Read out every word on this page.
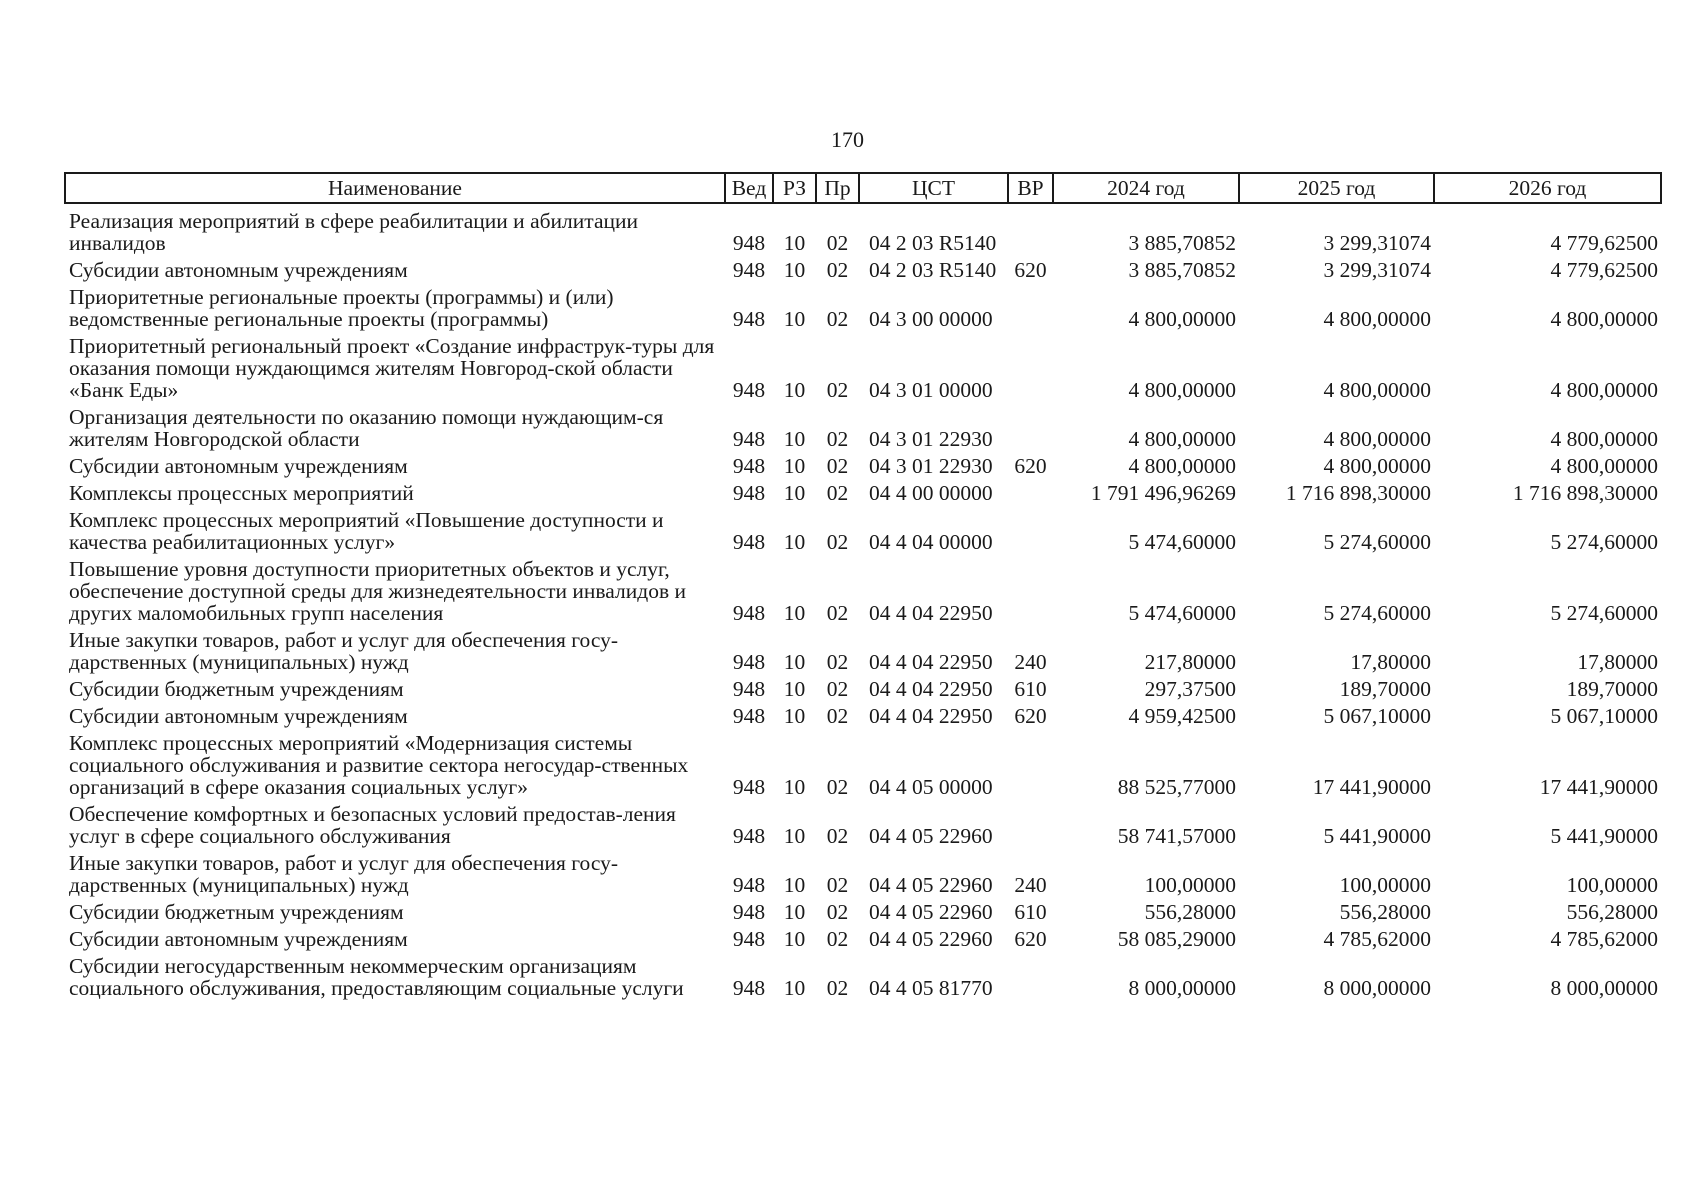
170
Наименование	Вед	РЗ	Пр	ЦСТ	ВР	2024 год	2025 год	2026 год
Реализация мероприятий в сфере реабилитации и абилитации инвалидов	948	10	02	04 2 03 R5140		3 885,70852	3 299,31074	4 779,62500
Субсидии автономным учреждениям	948	10	02	04 2 03 R5140	620	3 885,70852	3 299,31074	4 779,62500
Приоритетные региональные проекты (программы) и (или) ведомственные региональные проекты (программы)	948	10	02	04 3 00 00000		4 800,00000	4 800,00000	4 800,00000
Приоритетный региональный проект «Создание инфраструк-туры для оказания помощи нуждающимся жителям Новгород-ской области «Банк Еды»	948	10	02	04 3 01 00000		4 800,00000	4 800,00000	4 800,00000
Организация деятельности по оказанию помощи нуждающим-ся жителям Новгородской области	948	10	02	04 3 01 22930		4 800,00000	4 800,00000	4 800,00000
Субсидии автономным учреждениям	948	10	02	04 3 01 22930	620	4 800,00000	4 800,00000	4 800,00000
Комплексы процессных мероприятий	948	10	02	04 4 00 00000		1 791 496,96269	1 716 898,30000	1 716 898,30000
Комплекс процессных мероприятий «Повышение доступности и качества реабилитационных услуг»	948	10	02	04 4 04 00000		5 474,60000	5 274,60000	5 274,60000
Повышение уровня доступности приоритетных объектов и услуг, обеспечение доступной среды для жизнедеятельности инвалидов и других маломобильных групп населения	948	10	02	04 4 04 22950		5 474,60000	5 274,60000	5 274,60000
Иные закупки товаров, работ и услуг для обеспечения госу-дарственных (муниципальных) нужд	948	10	02	04 4 04 22950	240	217,80000	17,80000	17,80000
Субсидии бюджетным учреждениям	948	10	02	04 4 04 22950	610	297,37500	189,70000	189,70000
Субсидии автономным учреждениям	948	10	02	04 4 04 22950	620	4 959,42500	5 067,10000	5 067,10000
Комплекс процессных мероприятий «Модернизация системы социального обслуживания и развитие сектора негосудар-ственных организаций в сфере оказания социальных услуг»	948	10	02	04 4 05 00000		88 525,77000	17 441,90000	17 441,90000
Обеспечение комфортных и безопасных условий предостав-ления услуг в сфере социального обслуживания	948	10	02	04 4 05 22960		58 741,57000	5 441,90000	5 441,90000
Иные закупки товаров, работ и услуг для обеспечения госу-дарственных (муниципальных) нужд	948	10	02	04 4 05 22960	240	100,00000	100,00000	100,00000
Субсидии бюджетным учреждениям	948	10	02	04 4 05 22960	610	556,28000	556,28000	556,28000
Субсидии автономным учреждениям	948	10	02	04 4 05 22960	620	58 085,29000	4 785,62000	4 785,62000
Субсидии негосударственным некоммерческим организациям социального обслуживания, предоставляющим социальные услуги	948	10	02	04 4 05 81770		8 000,00000	8 000,00000	8 000,00000
